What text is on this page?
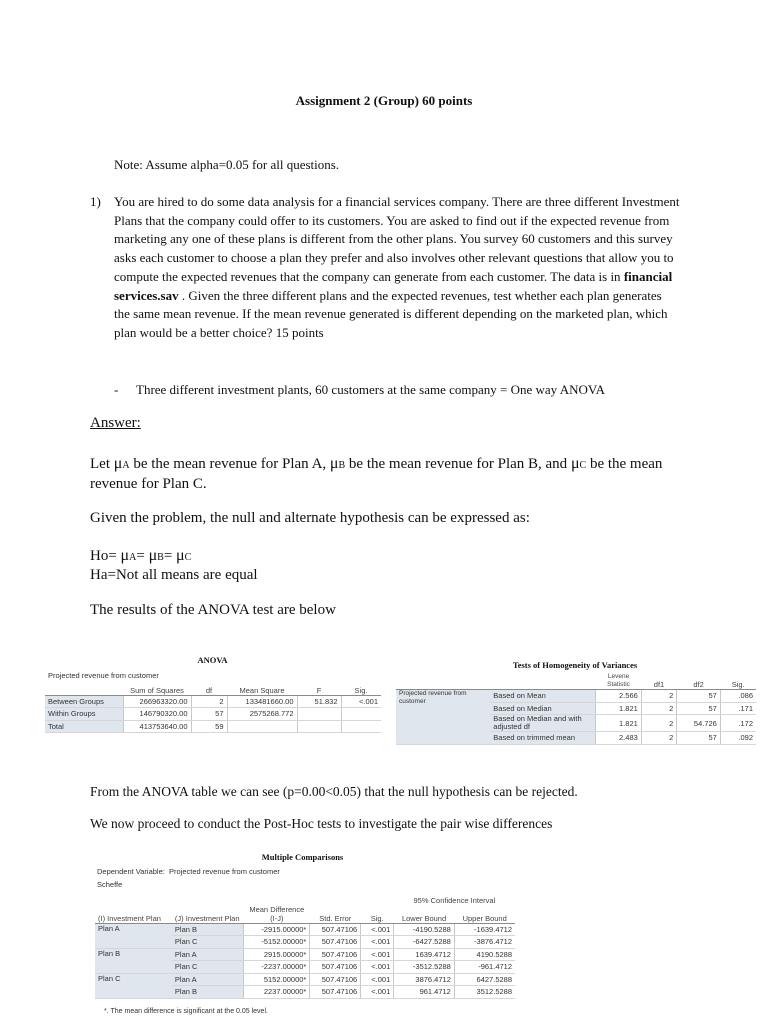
Assignment 2 (Group) 60 points
Note: Assume alpha=0.05 for all questions.
1) You are hired to do some data analysis for a financial services company. There are three different Investment Plans that the company could offer to its customers. You are asked to find out if the expected revenue from marketing any one of these plans is different from the other plans. You survey 60 customers and this survey asks each customer to choose a plan they prefer and also involves other relevant questions that allow you to compute the expected revenues that the company can generate from each customer. The data is in financial services.sav . Given the three different plans and the expected revenues, test whether each plan generates the same mean revenue. If the mean revenue generated is different depending on the marketed plan, which plan would be a better choice? 15 points
- Three different investment plants, 60 customers at the same company = One way ANOVA
Answer:
Let μA be the mean revenue for Plan A, μB be the mean revenue for Plan B, and μC be the mean revenue for Plan C.
Given the problem, the null and alternate hypothesis can be expressed as:
Ho= μA= μB= μC
Ha=Not all means are equal
The results of the ANOVA test are below
ANOVA
Projected revenue from customer
	Sum of Squares	df	Mean Square	F	Sig.
Between Groups	266963320.00	2	133481660.00	51.832	<.001
Within Groups	146790320.00	57	2575268.772		
Total	413753640.00	59			
Tests of Homogeneity of Variances
		Levene Statistic	df1	df2	Sig.
Projected revenue from customer	Based on Mean	2.566	2	57	.086
	Based on Median	1.821	2	57	.171
	Based on Median and with adjusted df	1.821	2	54.726	.172
	Based on trimmed mean	2.483	2	57	.092
From the ANOVA table we can see (p=0.00<0.05) that the null hypothesis can be rejected.
We now proceed to conduct the Post-Hoc tests to investigate the pair wise differences
Multiple Comparisons
Dependent Variable: Projected revenue from customer
Scheffe
					95% Confidence Interval	
(I) Investment Plan	(J) Investment Plan	Mean Difference (I-J)	Std. Error	Sig.	Lower Bound	Upper Bound
Plan A	Plan B	-2915.00000*	507.47106	<.001	-4190.5288	-1639.4712
	Plan C	-5152.00000*	507.47106	<.001	-6427.5288	-3876.4712
Plan B	Plan A	2915.00000*	507.47106	<.001	1639.4712	4190.5288
	Plan C	-2237.00000*	507.47106	<.001	-3512.5288	-961.4712
Plan C	Plan A	5152.00000*	507.47106	<.001	3876.4712	6427.5288
	Plan B	2237.00000*	507.47106	<.001	961.4712	3512.5288
*. The mean difference is significant at the 0.05 level.
